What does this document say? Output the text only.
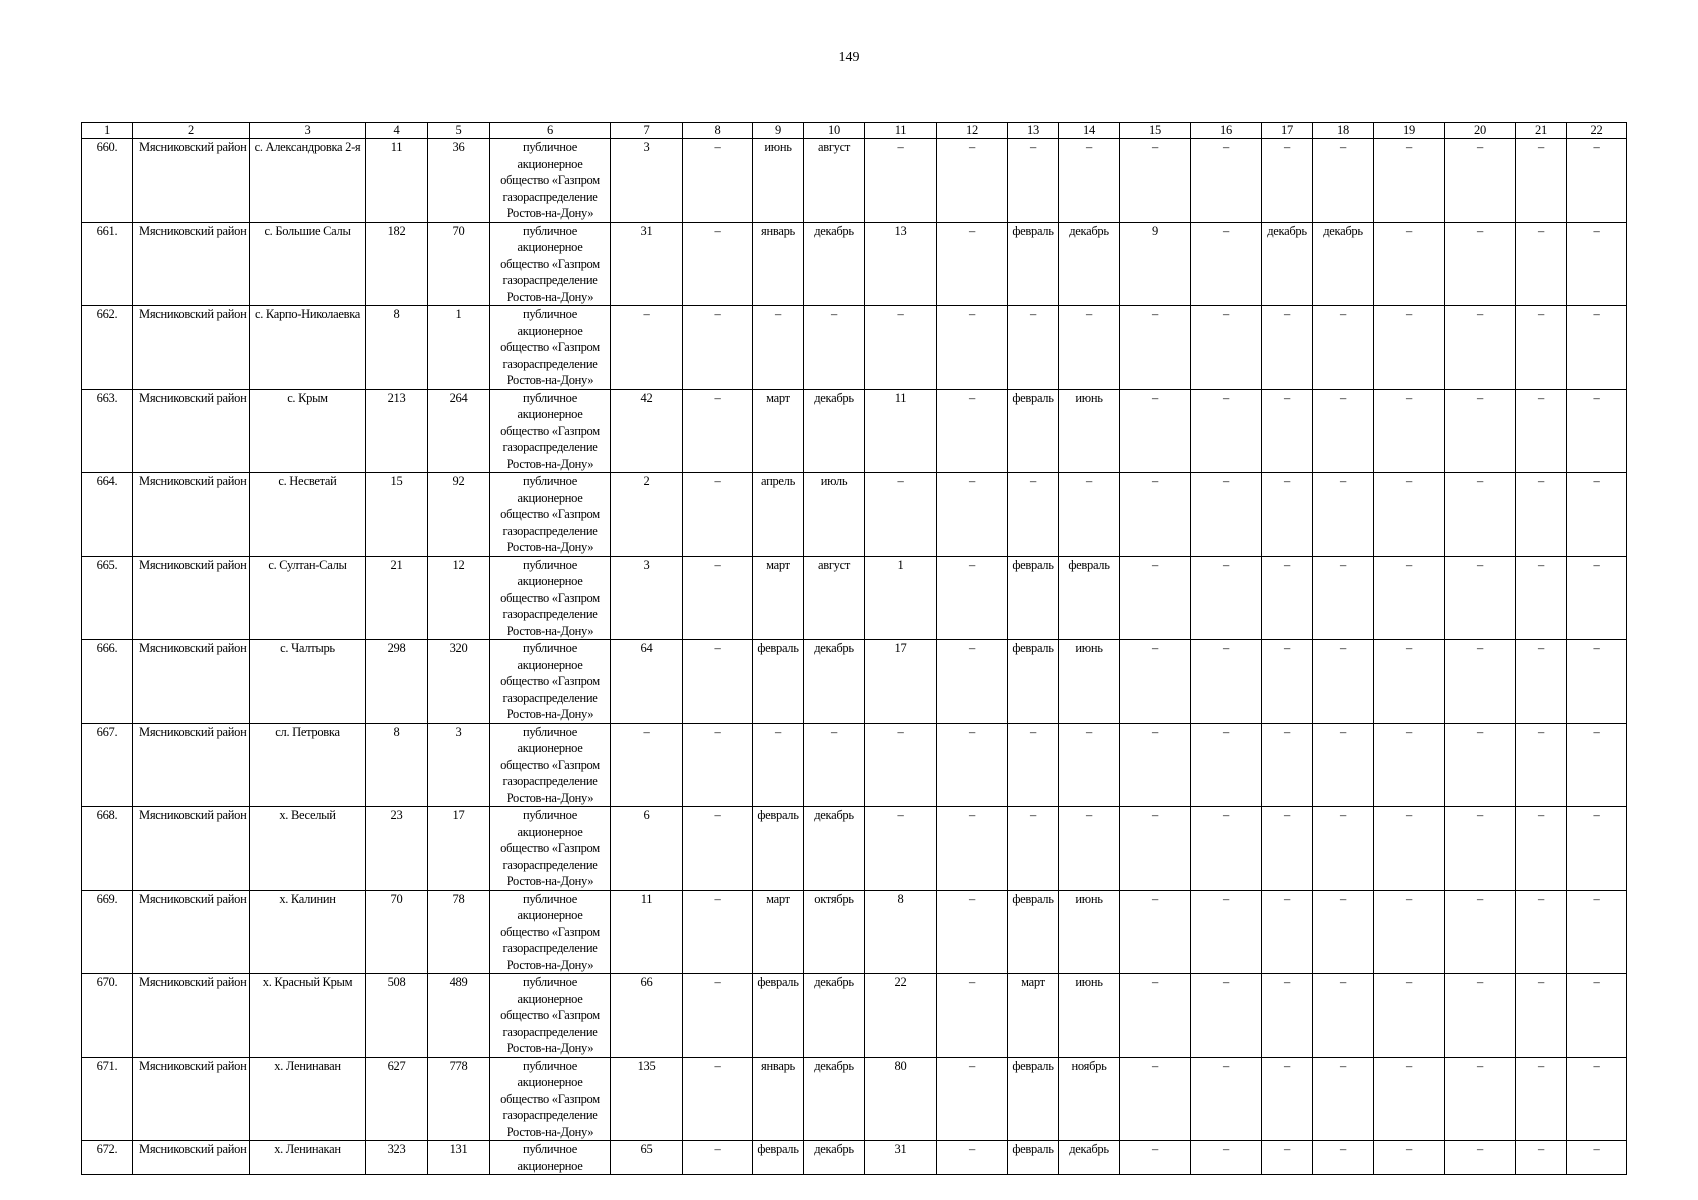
149
1	2	3	4	5	6	7	8	9	10	11	12	13	14	15	16	17	18	19	20	21	22
660.	Мясниковский район	с. Александровка 2-я	11	36	публичное акционерное общество «Газпром газораспределение Ростов-на-Дону»	3	–	июнь	август	–	–	–	–	–	–	–	–	–	–	–	–
661.	Мясниковский район	с. Большие Салы	182	70	публичное акционерное общество «Газпром газораспределение Ростов-на-Дону»	31	–	январь	декабрь	13	–	февраль	декабрь	9	–	декабрь	декабрь	–	–	–	–
662.	Мясниковский район	с. Карпо-Николаевка	8	1	публичное акционерное общество «Газпром газораспределение Ростов-на-Дону»	–	–	–	–	–	–	–	–	–	–	–	–	–	–	–	–
663.	Мясниковский район	с. Крым	213	264	публичное акционерное общество «Газпром газораспределение Ростов-на-Дону»	42	–	март	декабрь	11	–	февраль	июнь	–	–	–	–	–	–	–	–
664.	Мясниковский район	с. Несветай	15	92	публичное акционерное общество «Газпром газораспределение Ростов-на-Дону»	2	–	апрель	июль	–	–	–	–	–	–	–	–	–	–	–	–
665.	Мясниковский район	с. Султан-Салы	21	12	публичное акционерное общество «Газпром газораспределение Ростов-на-Дону»	3	–	март	август	1	–	февраль	февраль	–	–	–	–	–	–	–	–
666.	Мясниковский район	с. Чалтырь	298	320	публичное акционерное общество «Газпром газораспределение Ростов-на-Дону»	64	–	февраль	декабрь	17	–	февраль	июнь	–	–	–	–	–	–	–	–
667.	Мясниковский район	сл. Петровка	8	3	публичное акционерное общество «Газпром газораспределение Ростов-на-Дону»	–	–	–	–	–	–	–	–	–	–	–	–	–	–	–	–
668.	Мясниковский район	х. Веселый	23	17	публичное акционерное общество «Газпром газораспределение Ростов-на-Дону»	6	–	февраль	декабрь	–	–	–	–	–	–	–	–	–	–	–	–
669.	Мясниковский район	х. Калинин	70	78	публичное акционерное общество «Газпром газораспределение Ростов-на-Дону»	11	–	март	октябрь	8	–	февраль	июнь	–	–	–	–	–	–	–	–
670.	Мясниковский район	х. Красный Крым	508	489	публичное акционерное общество «Газпром газораспределение Ростов-на-Дону»	66	–	февраль	декабрь	22	–	март	июнь	–	–	–	–	–	–	–	–
671.	Мясниковский район	х. Ленинаван	627	778	публичное акционерное общество «Газпром газораспределение Ростов-на-Дону»	135	–	январь	декабрь	80	–	февраль	ноябрь	–	–	–	–	–	–	–	–
672.	Мясниковский район	х. Ленинакан	323	131	публичное акционерное	65	–	февраль	декабрь	31	–	февраль	декабрь	–	–	–	–	–	–	–	–
